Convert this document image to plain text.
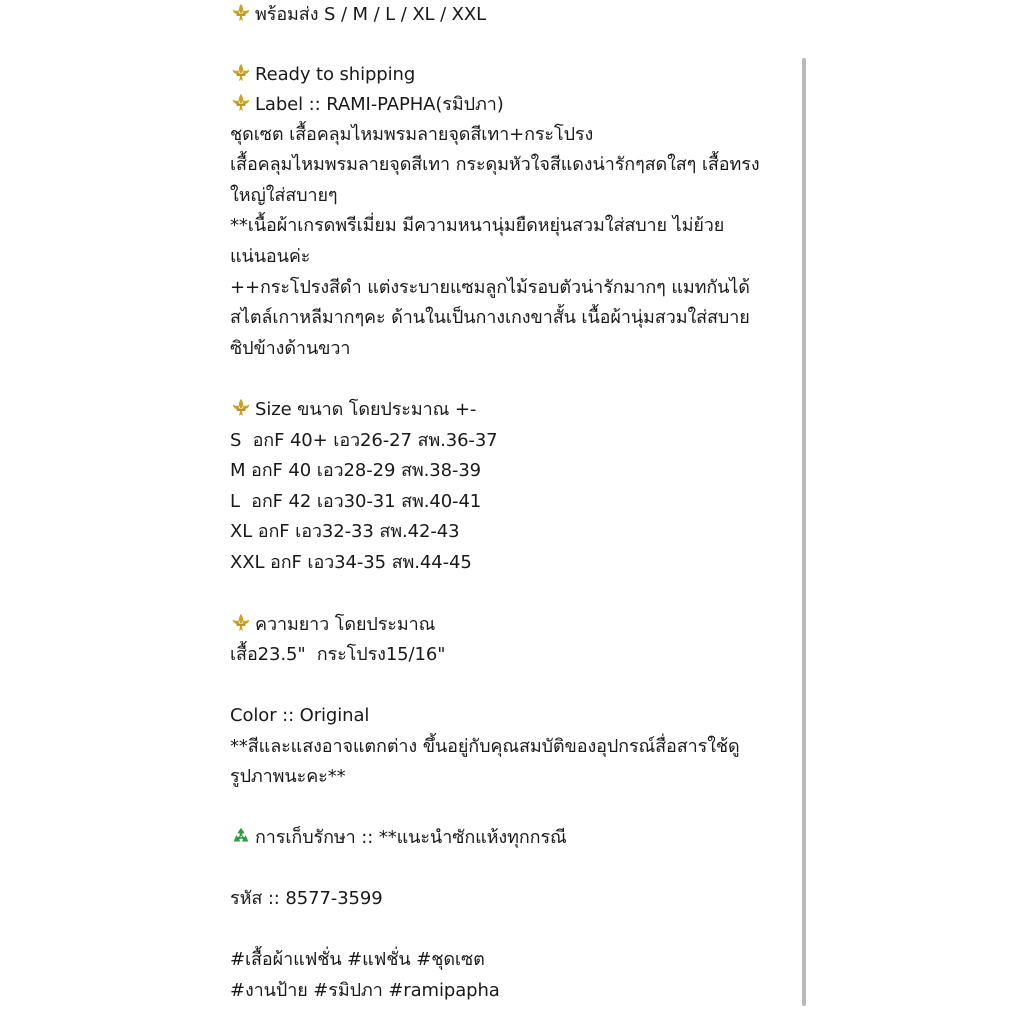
พร้อมส่ง S / M / L / XL / XXL
Ready to shipping
Label :: RAMI-PAPHA(รมิปภา)
ชุดเซต เสื้อคลุมไหมพรมลายจุดสีเทา+กระโปรง
เสื้อคลุมไหมพรมลายจุดสีเทา กระดุมหัวใจสีแดงน่ารักๆสดใสๆ เสื้อทรง
ใหญ่ใส่สบายๆ
**เนื้อผ้าเกรดพรีเมี่ยม มีความหนานุ่มยืดหยุ่นสวมใส่สบาย ไม่ย้วย
แน่นอนค่ะ
++กระโปรงสีดำ แต่งระบายแซมลูกไม้รอบตัวน่ารักมากๆ แมทกันได้
สไตล์เกาหลีมากๆคะ ด้านในเป็นกางเกงขาสั้น เนื้อผ้านุ่มสวมใส่สบาย
ซิปข้างด้านขวา
Size ขนาด โดยประมาณ +-
S  อกF 40+ เอว26-27 สพ.36-37
M อกF 40 เอว28-29 สพ.38-39
L  อกF 42 เอว30-31 สพ.40-41
XL อกF เอว32-33 สพ.42-43
XXL อกF เอว34-35 สพ.44-45
ความยาว โดยประมาณ
เสื้อ23.5"  กระโปรง15/16"
Color :: Original
**สีและแสงอาจแตกต่าง ขึ้นอยู่กับคุณสมบัติของอุปกรณ์สื่อสารใช้ดู
รูปภาพนะคะ**
การเก็บรักษา :: **แนะนำซักแห้งทุกกรณี
รหัส :: 8577-3599
#เสื้อผ้าแฟชั่น #แฟชั่น #ชุดเซต
#งานป้าย #รมิปภา #ramipapha
